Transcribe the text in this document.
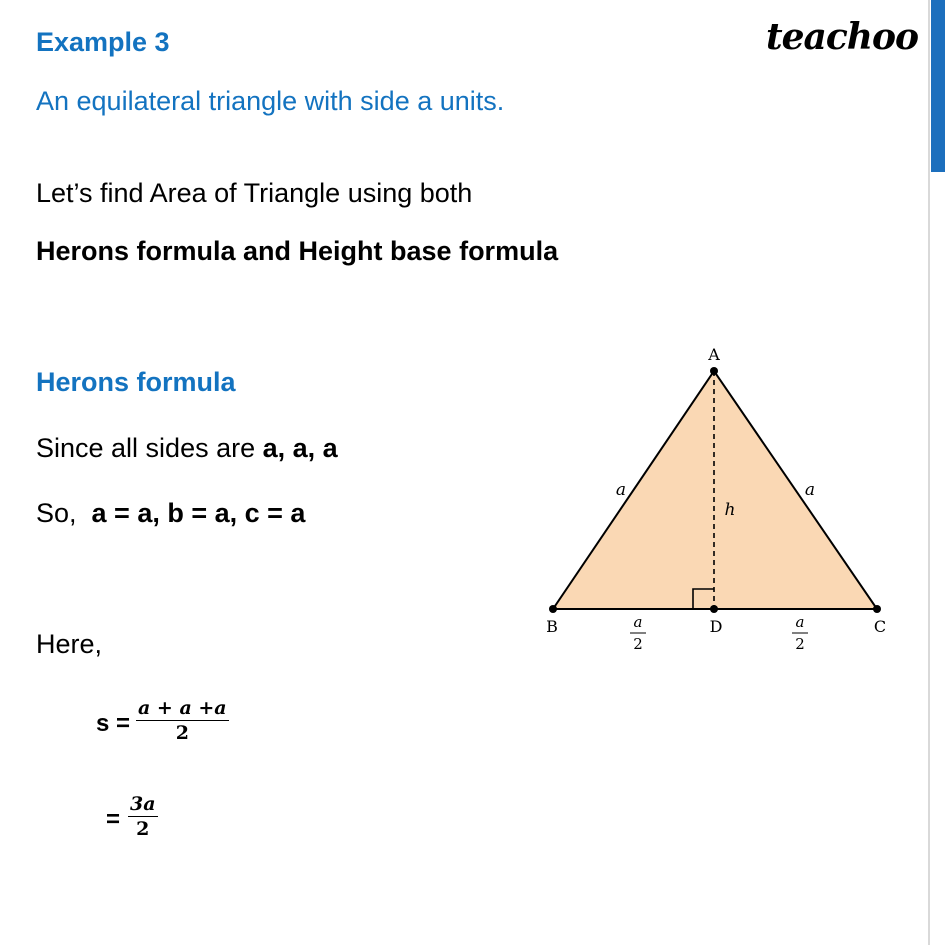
Example 3	teachoo
An equilateral triangle with side a units.
Let’s find Area of Triangle using both
Herons formula and Height base formula
Herons formula
Since all sides are a, a, a
So,  a = a, b = a, c = a
Here,
s =
a + a +a
2
=
3a
2
A
B	C
D
a	a
h
a
2
a
2
